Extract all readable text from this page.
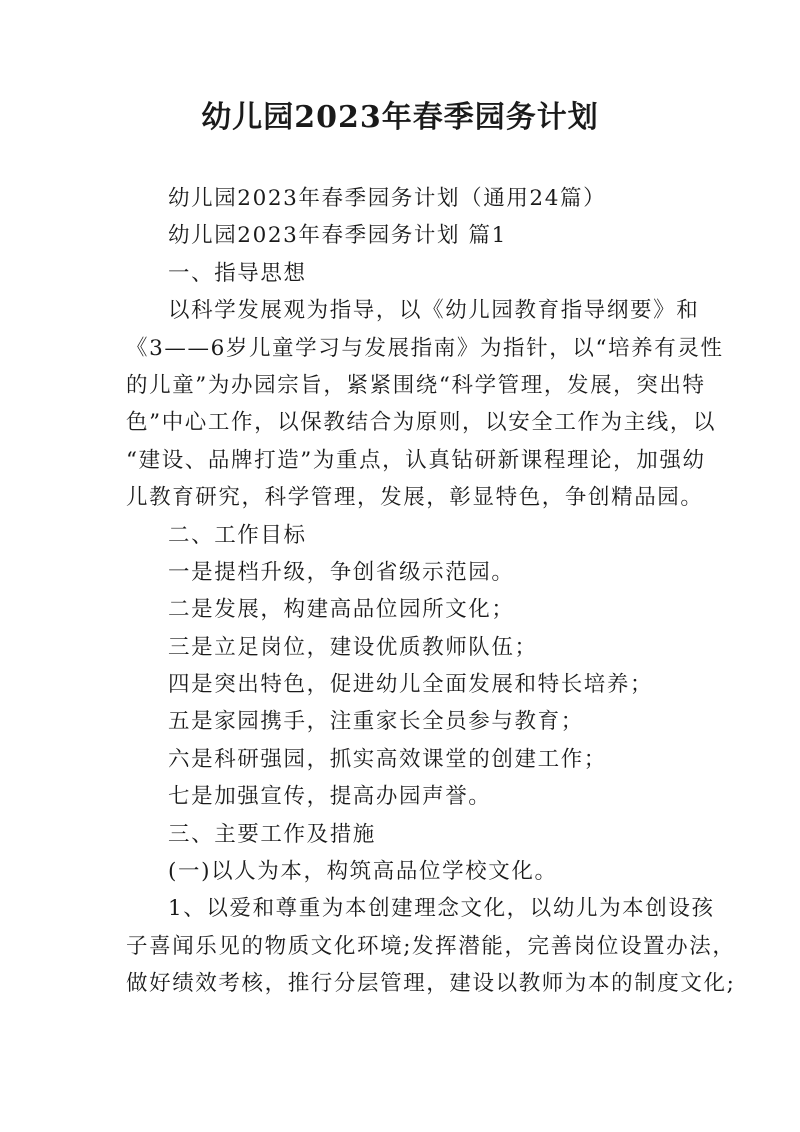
幼儿园2023年春季园务计划
幼儿园2023年春季园务计划（通用24篇）
幼儿园2023年春季园务计划 篇1
一、指导思想
以科学发展观为指导，以《幼儿园教育指导纲要》和
《3——6岁儿童学习与发展指南》为指针，以“培养有灵性
的儿童”为办园宗旨，紧紧围绕“科学管理，发展，突出特
色”中心工作，以保教结合为原则，以安全工作为主线，以
“建设、品牌打造”为重点，认真钻研新课程理论，加强幼
儿教育研究，科学管理，发展，彰显特色，争创精品园。
二、工作目标
一是提档升级，争创省级示范园。
二是发展，构建高品位园所文化；
三是立足岗位，建设优质教师队伍；
四是突出特色，促进幼儿全面发展和特长培养；
五是家园携手，注重家长全员参与教育；
六是科研强园，抓实高效课堂的创建工作；
七是加强宣传，提高办园声誉。
三、主要工作及措施
(一)以人为本，构筑高品位学校文化。
1、以爱和尊重为本创建理念文化，以幼儿为本创设孩
子喜闻乐见的物质文化环境;发挥潜能，完善岗位设置办法，
做好绩效考核，推行分层管理，建设以教师为本的制度文化;
